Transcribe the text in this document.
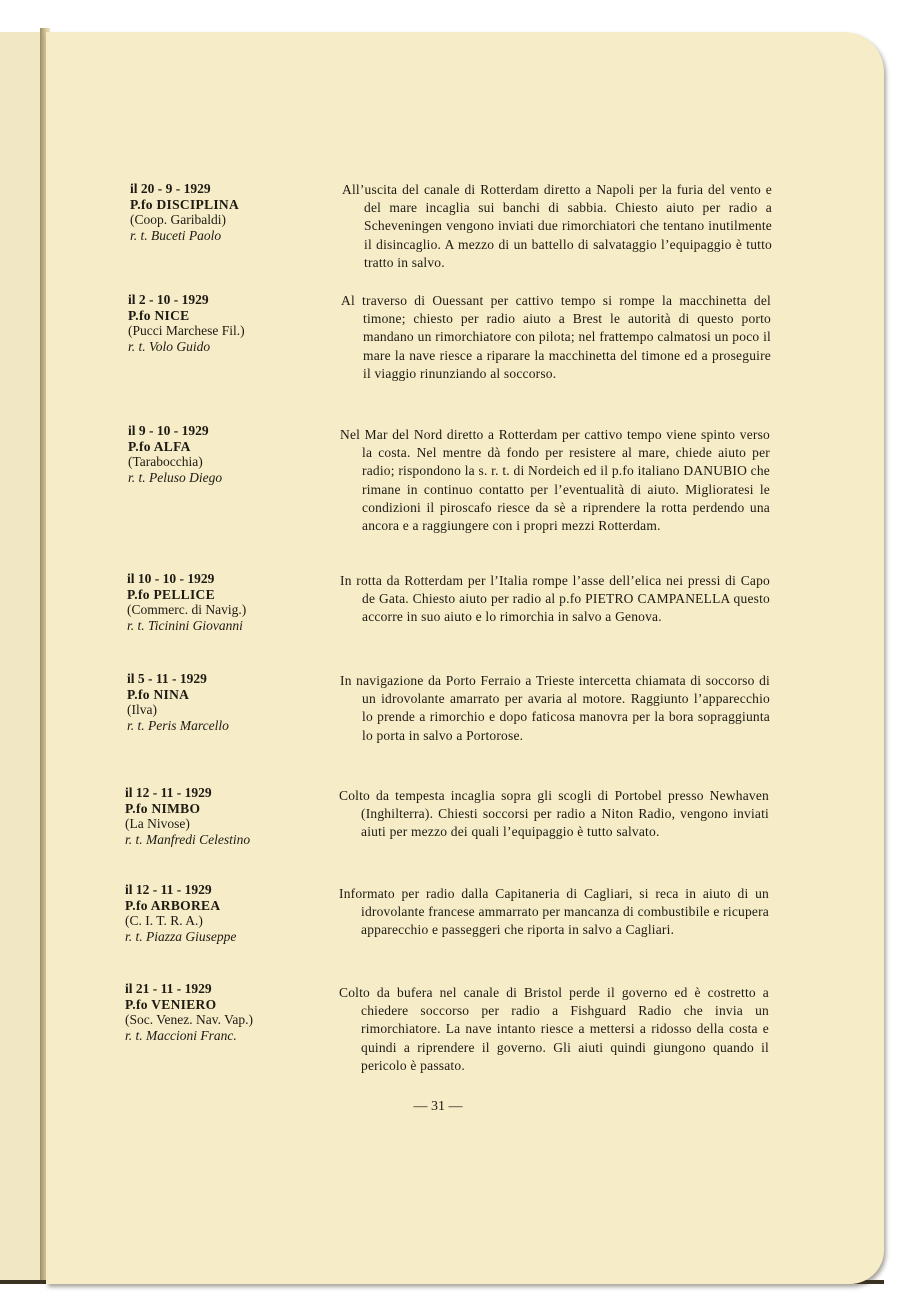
il 20 - 9 - 1929
P.fo DISCIPLINA
(Coop. Garibaldi)
r. t. Buceti Paolo
All’uscita del canale di Rotterdam diretto a Napoli per la furia del vento e del mare incaglia sui banchi di sabbia. Chiesto aiuto per radio a Scheveningen vengono inviati due rimorchiatori che tentano inutilmente il disincaglio. A mezzo di un battello di salvataggio l’equipaggio è tutto tratto in salvo.
il 2 - 10 - 1929
P.fo NICE
(Pucci Marchese Fil.)
r. t. Volo Guido
Al traverso di Ouessant per cattivo tempo si rompe la macchinetta del timone; chiesto per radio aiuto a Brest le autorità di questo porto mandano un rimorchiatore con pilota; nel frattempo calmatosi un poco il mare la nave riesce a riparare la macchinetta del timone ed a proseguire il viaggio rinunziando al soccorso.
il 9 - 10 - 1929
P.fo ALFA
(Tarabocchia)
r. t. Peluso Diego
Nel Mar del Nord diretto a Rotterdam per cattivo tempo viene spinto verso la costa. Nel mentre dà fondo per resistere al mare, chiede aiuto per radio; rispondono la s. r. t. di Nordeich ed il p.fo italiano DANUBIO che rimane in continuo contatto per l’eventualità di aiuto. Miglioratesi le condizioni il piroscafo riesce da sè a riprendere la rotta perdendo una ancora e a raggiungere con i propri mezzi Rotterdam.
il 10 - 10 - 1929
P.fo PELLICE
(Commerc. di Navig.)
r. t. Ticinini Giovanni
In rotta da Rotterdam per l’Italia rompe l’asse dell’elica nei pressi di Capo de Gata. Chiesto aiuto per radio al p.fo PIETRO CAMPANELLA questo accorre in suo aiuto e lo rimorchia in salvo a Genova.
il 5 - 11 - 1929
P.fo NINA
(Ilva)
r. t. Peris Marcello
In navigazione da Porto Ferraio a Trieste intercetta chiamata di soccorso di un idrovolante amarrato per avaria al motore. Raggiunto l’apparecchio lo prende a rimorchio e dopo faticosa manovra per la bora sopraggiunta lo porta in salvo a Portorose.
il 12 - 11 - 1929
P.fo NIMBO
(La Nivose)
r. t. Manfredi Celestino
Colto da tempesta incaglia sopra gli scogli di Portobel presso Newhaven (Inghilterra). Chiesti soccorsi per radio a Niton Radio, vengono inviati aiuti per mezzo dei quali l’equipaggio è tutto salvato.
il 12 - 11 - 1929
P.fo ARBOREA
(C. I. T. R. A.)
r. t. Piazza Giuseppe
Informato per radio dalla Capitaneria di Cagliari, si reca in aiuto di un idrovolante francese ammarrato per mancanza di combustibile e ricupera apparecchio e passeggeri che riporta in salvo a Cagliari.
il 21 - 11 - 1929
P.fo VENIERO
(Soc. Venez. Nav. Vap.)
r. t. Maccioni Franc.
Colto da bufera nel canale di Bristol perde il governo ed è costretto a chiedere soccorso per radio a Fishguard Radio che invia un rimorchiatore. La nave intanto riesce a mettersi a ridosso della costa e quindi a riprendere il governo. Gli aiuti quindi giungono quando il pericolo è passato.
— 31 —
